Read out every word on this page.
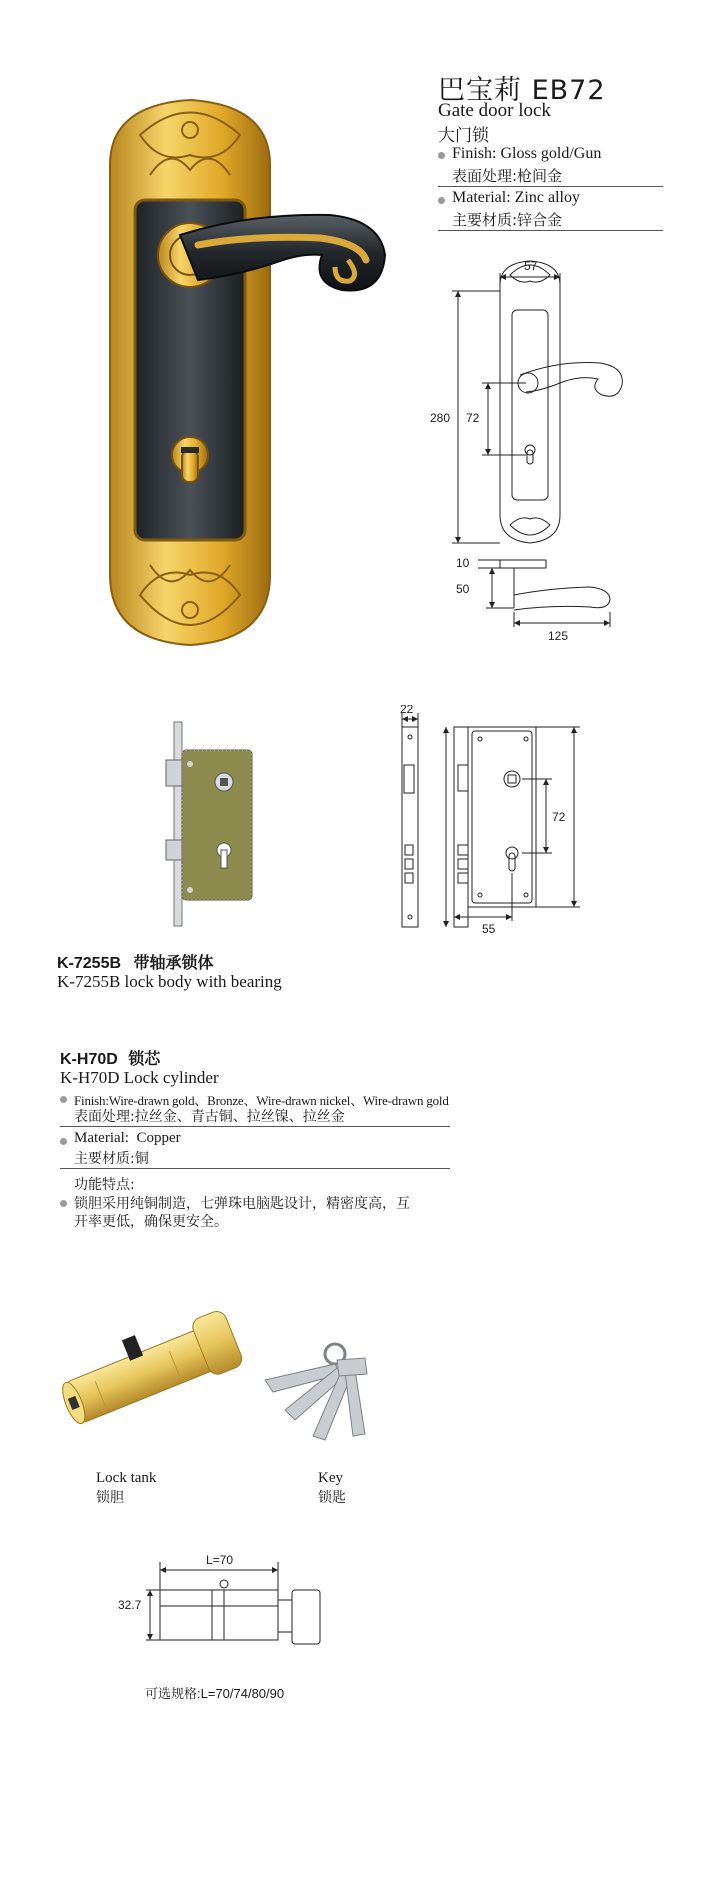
巴宝莉 EB72
Gate door lock
大门锁
Finish: Gloss gold/Gun
表面处理:枪间金
Material: Zinc alloy
主要材质:锌合金
57
280 72
10
50
125
22
72
55
K-7255B 带轴承锁体
K-7255B lock body with bearing
K-H70D 锁芯
K-H70D Lock cylinder
Finish:Wire-drawn gold、Bronze、Wire-drawn nickel、Wire-drawn gold
表面处理:拉丝金、青古铜、拉丝镍、拉丝金
Material:  Copper
主要材质:铜
功能特点:
锁胆采用纯铜制造，七弹珠电脑匙设计，精密度高，互
开率更低，确保更安全。
Lock tank
锁胆
Key
锁匙
L=70
32.7
可选规格:L=70/74/80/90
